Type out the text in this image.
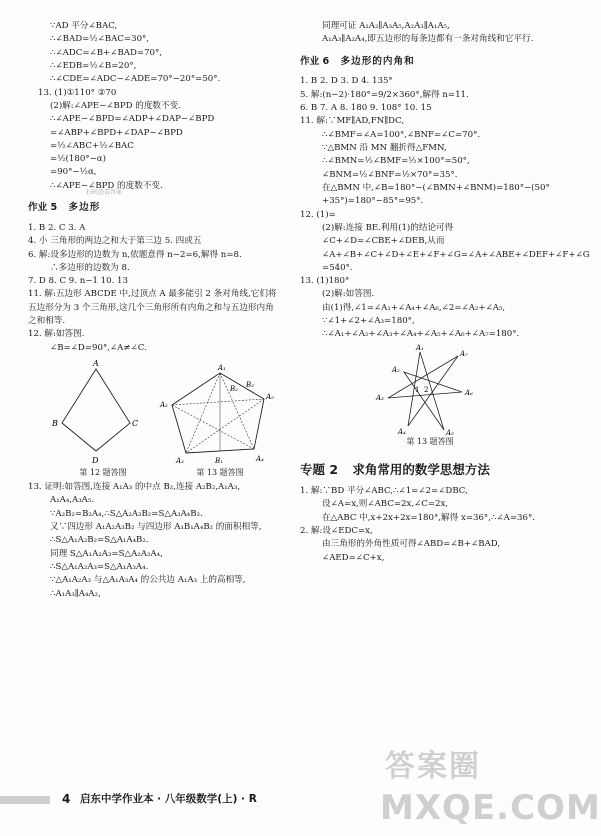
∵AD 平分∠BAC,
∴∠BAD=½∠BAC=30°,
∴∠ADC=∠B+∠BAD=70°,
∴∠EDB=½∠B=20°,
∴∠CDE=∠ADC−∠ADE=70°−20°=50°.
13. (1)①110° ②70
(2)解:∠APE−∠BPD 的度数不变.
∴∠APE−∠BPD=∠ADP+∠DAP−∠BPD
=∠ABP+∠BPD+∠DAP−∠BPD
=½∠ABC+½∠BAC
=½(180°−α)
=90°−½α,
∴∠APE−∠BPD 的度数不变.
作业 5 多边形
1. B 2. C 3. A
4. 小 三角形的两边之和大于第三边 5. 四或五
6. 解:设多边形的边数为 n,依题意得 n−2=6,解得 n=8.
∴多边形的边数为 8.
7. D 8. C 9. n−1 10. 13
11. 解:五边形 ABCDE 中,过顶点 A 最多能引 2 条对角线,它们将五边形分为 3 个三角形,这几个三角形所有内角之和与五边形内角之和相等.
12. 解:如答图.
∠B=∠D=90°,∠A≠∠C.
A
B	C
D
A₁
A₂
A₃	A₄
A₅
B₁
B₂ B₃
第 12 题答图	第 13 题答图
13. 证明:如答图,连接 A₁A₃ 的中点 B₂,连接 A₂B₂,A₁A₃,
A₁A₄,A₃A₅.
∵A₂B₂=B₂A₄,∴S△A₂A₃B₂=S△A₃A₄B₂.
又∵四边形 A₁A₂A₃B₂ 与四边形 A₁B₁A₄B₂ 的面积相等,
∴S△A₁A₂B₂=S△A₁A₄B₂.
同理 S△A₁A₂A₃=S△A₂A₃A₄,
∴S△A₁A₂A₃=S△A₁A₃A₄.
∵△A₁A₂A₃ 与△A₁A₃A₄ 的公共边 A₁A₃ 上的高相等,
∴A₁A₃∥A₄A₂,
扫码查看答案
同理可证 A₁A₂∥A₃A₅,A₂A₃∥A₁A₅,
A₁A₃∥A₂A₄,即五边形的每条边都有一条对角线和它平行.
作业 6 多边形的内角和
1. B 2. D 3. D 4. 135°
5. 解:(n−2)·180°=9/2×360°,解得 n=11.
6. B 7. A 8. 180 9. 108° 10. 15
11. 解:∵MF∥AD,FN∥DC,
∴∠BMF=∠A=100°,∠BNF=∠C=70°.
∵△BMN 沿 MN 翻折得△FMN,
∴∠BMN=½∠BMF=½×100°=50°,
∠BNM=½∠BNF=½×70°=35°.
在△BMN 中,∠B=180°−(∠BMN+∠BNM)=180°−(50°+35°)=180°−85°=95°.
12. (1)=
(2)解:连接 BE.利用(1)的结论可得∠C+∠D=∠CBE+∠DEB,从而∠A+∠B+∠C+∠D+∠E+∠F+∠G=∠A+∠ABE+∠DEF+∠F+∠G
=540°.
13. (1)180°
(2)解:如答图.
由(1)得,∠1=∠A₁+∠A₄+∠A₆,∠2=∠A₂+∠A₅,
∵∠1+∠2+∠A₃=180°,
∴∠A₁+∠A₂+∠A₃+∠A₄+∠A₅+∠A₆+∠A₇=180°.
A₁
A₂
A₃
A₄	A₅
A₆
A₇
1 2
第 13 题答图
专题 2 求角常用的数学思想方法
1. 解:∵BD 平分∠ABC,∴∠1=∠2=∠DBC,
设∠A=x,则∠ABC=2x,∠C=2x,
在△ABC 中,x+2x+2x=180°,解得 x=36°,∴∠A=36°.
2. 解:设∠EDC=x,
由三角形的外角性质可得∠ABD=∠B+∠BAD,
∠AED=∠C+x,
4 启东中学作业本 · 八年级数学(上) · R
答案圈
MXQE.COM
